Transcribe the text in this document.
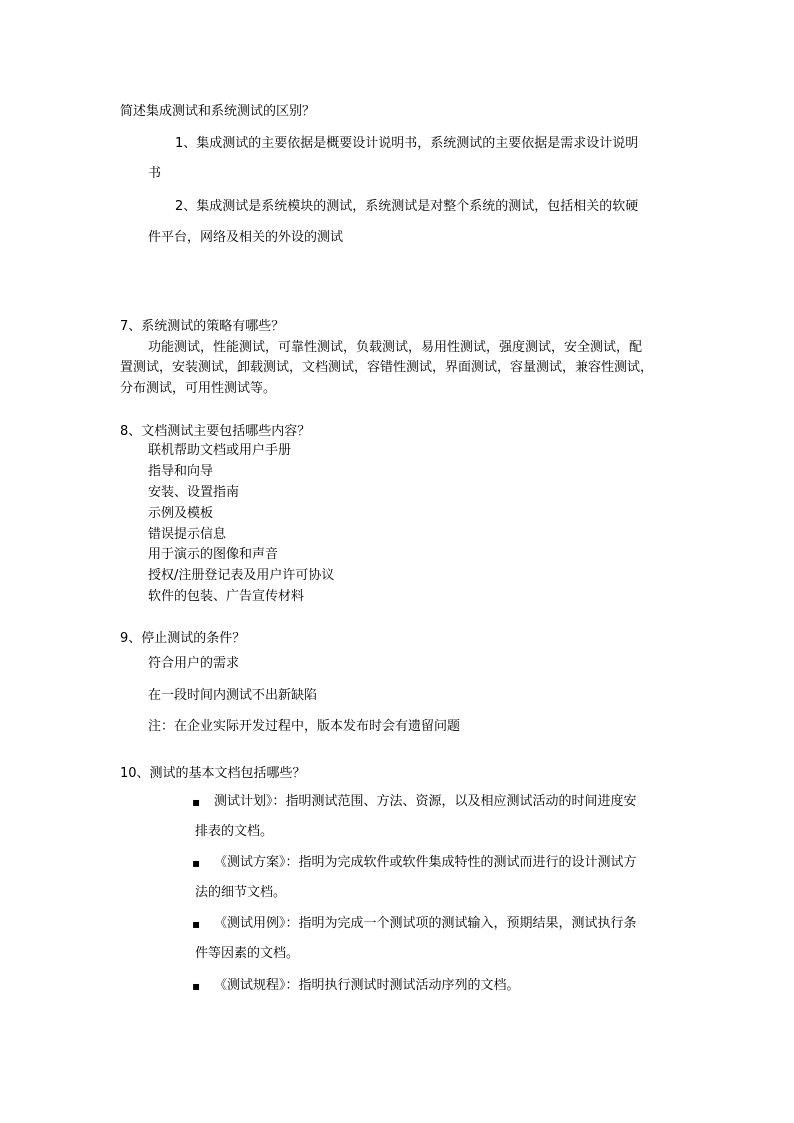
简述集成测试和系统测试的区别？
1、集成测试的主要依据是概要设计说明书，系统测试的主要依据是需求设计说明
书
2、集成测试是系统模块的测试，系统测试是对整个系统的测试，包括相关的软硬
件平台，网络及相关的外设的测试
7、系统测试的策略有哪些？
功能测试，性能测试，可靠性测试，负载测试，易用性测试，强度测试，安全测试，配
置测试，安装测试，卸载测试，文档测试，容错性测试，界面测试，容量测试，兼容性测试，
分布测试，可用性测试等。
8、文档测试主要包括哪些内容？
联机帮助文档或用户手册
指导和向导
安装、设置指南
示例及模板
错误提示信息
用于演示的图像和声音
授权/注册登记表及用户许可协议
软件的包装、广告宣传材料
9、停止测试的条件？
符合用户的需求
在一段时间内测试不出新缺陷
注：在企业实际开发过程中，版本发布时会有遗留问题
10、测试的基本文档包括哪些？
▪ 测试计划》：指明测试范围、方法、资源，以及相应测试活动的时间进度安
排表的文档。
▪ 《测试方案》：指明为完成软件或软件集成特性的测试而进行的设计测试方
法的细节文档。
▪ 《测试用例》：指明为完成一个测试项的测试输入，预期结果，测试执行条
件等因素的文档。
▪ 《测试规程》：指明执行测试时测试活动序列的文档。
